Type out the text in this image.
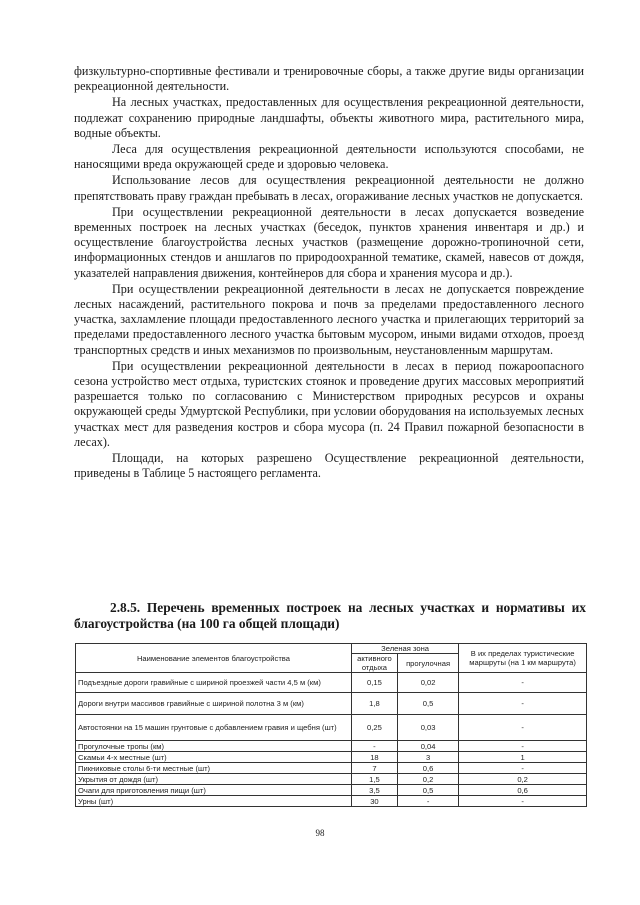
физкультурно-спортивные фестивали и тренировочные сборы, а также другие виды организации рекреационной деятельности.

На лесных участках, предоставленных для осуществления рекреационной деятельности, подлежат сохранению природные ландшафты, объекты животного мира, растительного мира, водные объекты.

Леса для осуществления рекреационной деятельности используются способами, не наносящими вреда окружающей среде и здоровью человека.

Использование лесов для осуществления рекреационной деятельности не должно препятствовать праву граждан пребывать в лесах, огораживание лесных участков не допускается.

При осуществлении рекреационной деятельности в лесах допускается возведение временных построек на лесных участках (беседок, пунктов хранения инвентаря и др.) и осуществление благоустройства лесных участков (размещение дорожно-тропиночной сети, информационных стендов и аншлагов по природоохранной тематике, скамей, навесов от дождя, указателей направления движения, контейнеров для сбора и хранения мусора и др.).

При осуществлении рекреационной деятельности в лесах не допускается повреждение лесных насаждений, растительного покрова и почв за пределами предоставленного лесного участка, захламление площади предоставленного лесного участка и прилегающих территорий за пределами предоставленного лесного участка бытовым мусором, иными видами отходов, проезд транспортных средств и иных механизмов по произвольным, неустановленным маршрутам.

При осуществлении рекреационной деятельности в лесах в период пожароопасного сезона устройство мест отдыха, туристских стоянок и проведение других массовых мероприятий разрешается только по согласованию с Министерством природных ресурсов и охраны окружающей среды Удмуртской Республики, при условии оборудования на используемых лесных участках мест для разведения костров и сбора мусора (п. 24 Правил пожарной безопасности в лесах).

Площади, на которых разрешено Осуществление рекреационной деятельности, приведены в Таблице 5 настоящего регламента.

2.8.5. Перечень временных построек на лесных участках и нормативы их благоустройства (на 100 га общей площади)
Наименование элементов благоустройства	Зеленая зона		В их пределах туристические маршруты (на 1 км маршрута)
	активного отдыха	прогулочная	
Подъездные дороги гравийные с шириной проезжей части 4,5 м (км)	0,15	0,02	-
Дороги внутри массивов гравийные с шириной полотна 3 м (км)	1,8	0,5	-
Автостоянки на 15 машин грунтовые с добавлением гравия и щебня (шт)	0,25	0,03	-
Прогулочные тропы (км)	-	0,04	-
Скамьи 4-х местные (шт)	18	3	1
Пикниковые столы 6-ти местные (шт)	7	0,6	-
Укрытия от дождя (шт)	1,5	0,2	0,2
Очаги для приготовления пищи (шт)	3,5	0,5	0,6
Урны (шт)	30	-	-
98
